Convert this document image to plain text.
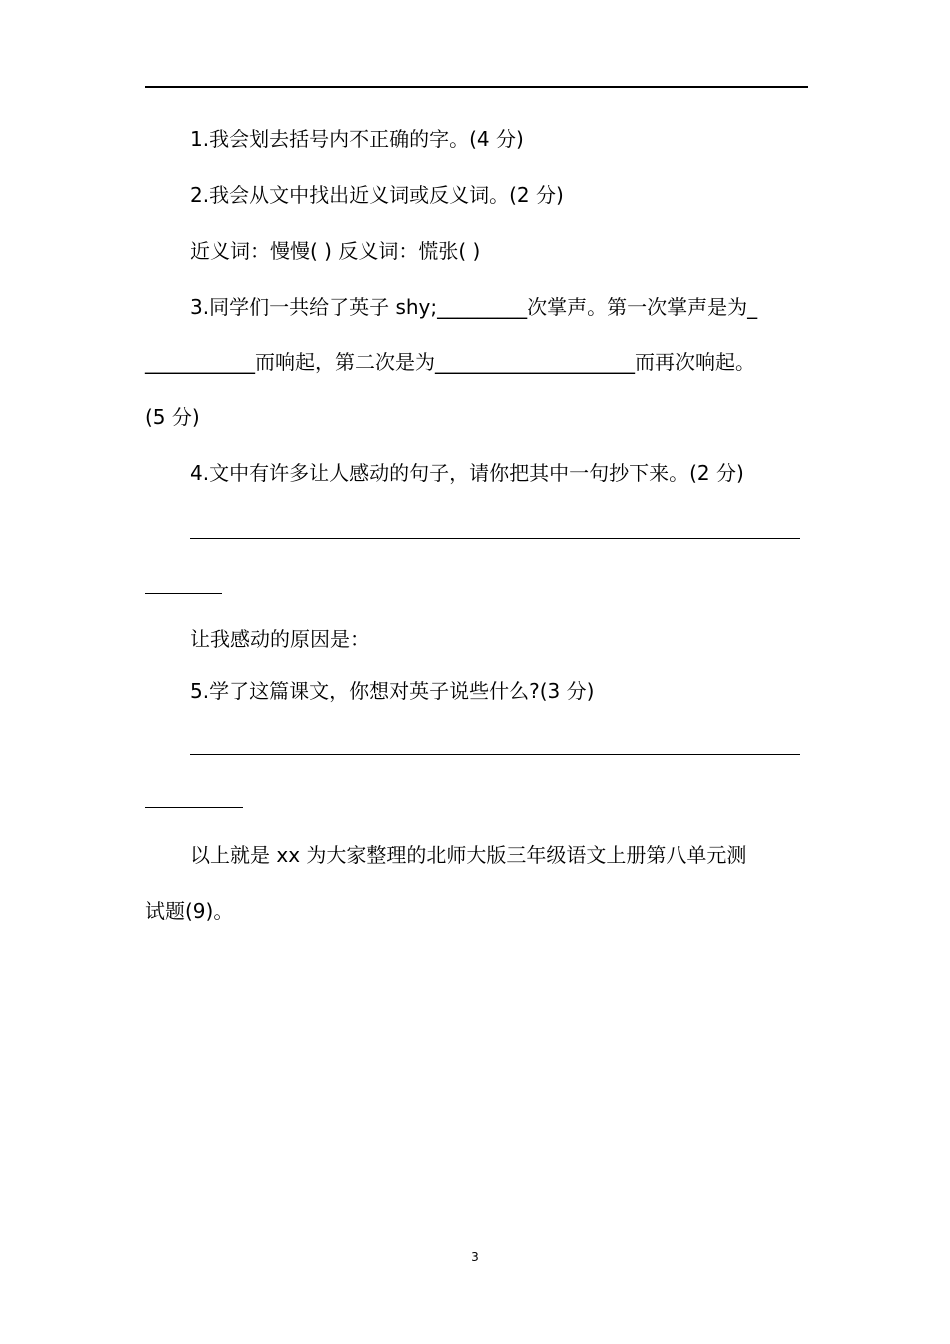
1.我会划去括号内不正确的字。(4 分)
2.我会从文中找出近义词或反义词。(2 分)
近义词：慢慢( ) 反义词：慌张( )
3.同学们一共给了英子 shy;_________次掌声。第一次掌声是为_
___________而响起，第二次是为____________________而再次响起。
(5 分)
4.文中有许多让人感动的句子，请你把其中一句抄下来。(2 分)
让我感动的原因是：
5.学了这篇课文，你想对英子说些什么?(3 分)
以上就是 xx 为大家整理的北师大版三年级语文上册第八单元测
试题(9)。
3
